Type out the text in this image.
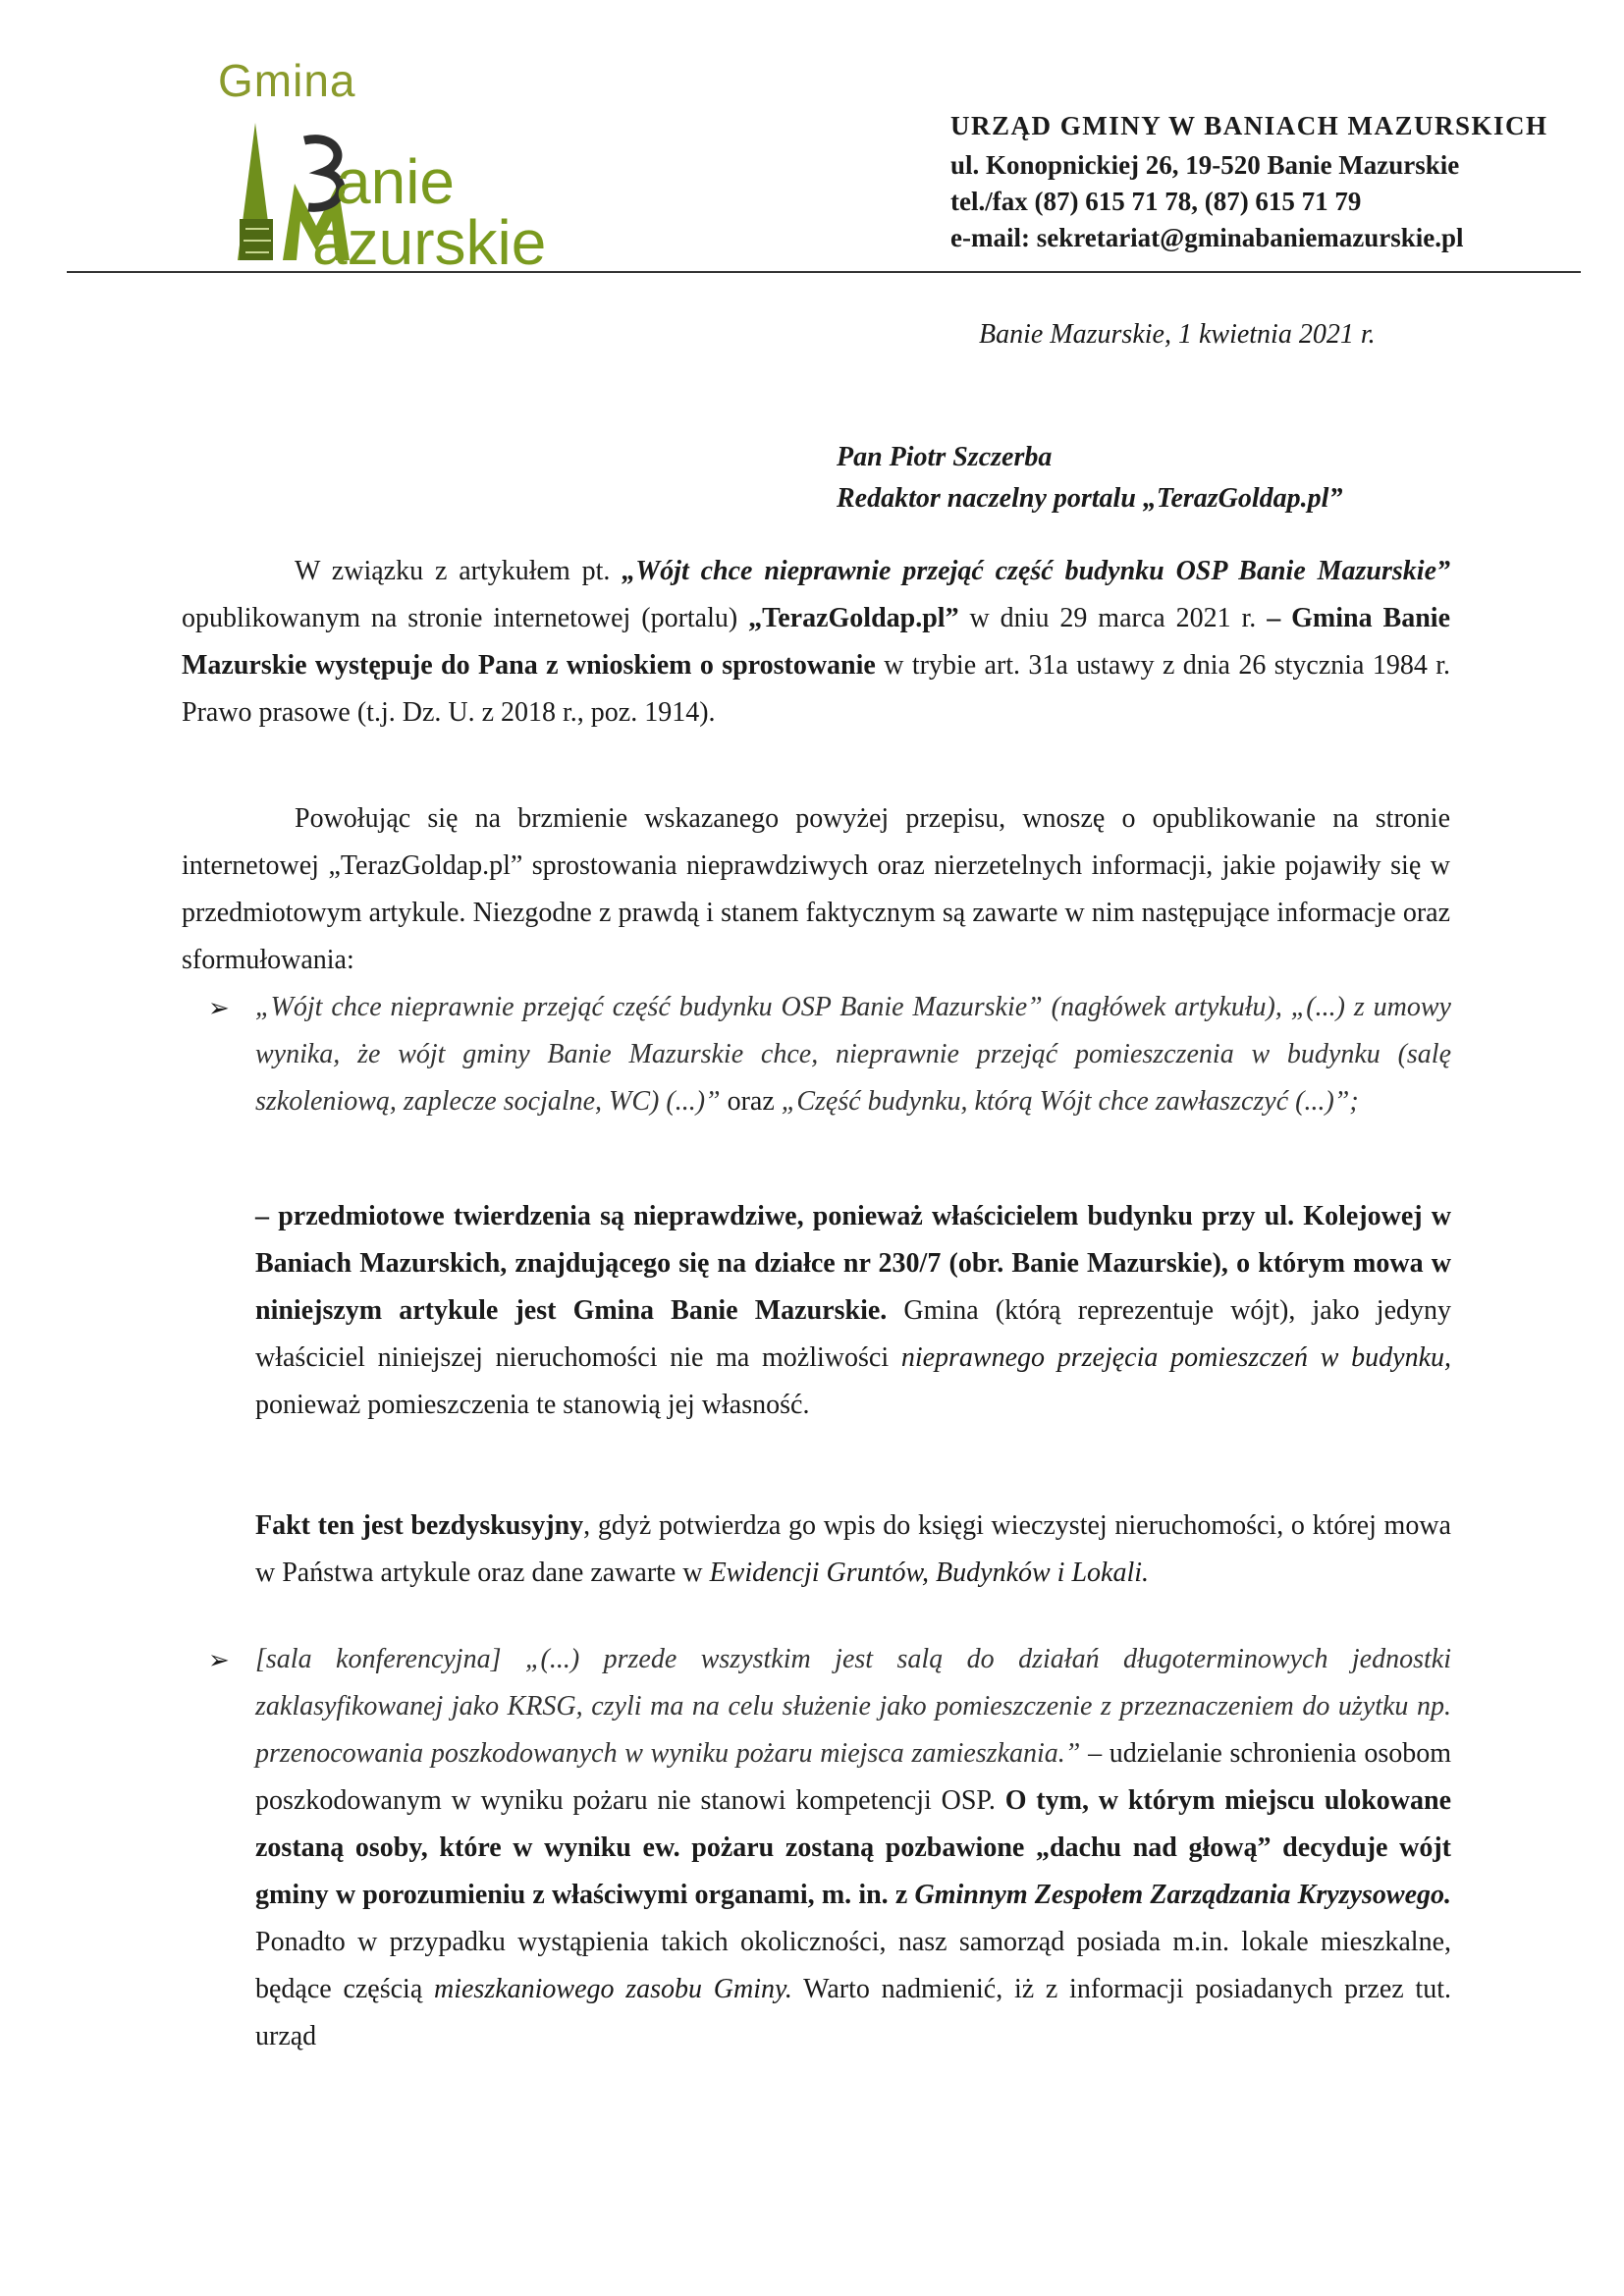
Gmina
anie
azurskie
URZĄD GMINY W BANIACH MAZURSKICH
ul. Konopnickiej 26, 19-520 Banie Mazurskie
tel./fax (87) 615 71 78, (87) 615 71 79
e-mail: sekretariat@gminabaniemazurskie.pl
Banie Mazurskie, 1 kwietnia 2021 r.
Pan Piotr Szczerba
Redaktor naczelny portalu „TerazGoldap.pl”
W związku z artykułem pt. „Wójt chce nieprawnie przejąć część budynku OSP Banie Mazurskie” opublikowanym na stronie internetowej (portalu) „TerazGoldap.pl” w dniu 29 marca 2021 r. – Gmina Banie Mazurskie występuje do Pana z wnioskiem o sprostowanie w trybie art. 31a ustawy z dnia 26 stycznia 1984 r. Prawo prasowe (t.j. Dz. U. z 2018 r., poz. 1914).
Powołując się na brzmienie wskazanego powyżej przepisu, wnoszę o opublikowanie na stronie internetowej „TerazGoldap.pl” sprostowania nieprawdziwych oraz nierzetelnych informacji, jakie pojawiły się w przedmiotowym artykule. Niezgodne z prawdą i stanem faktycznym są zawarte w nim następujące informacje oraz sformułowania:
➢ „Wójt chce nieprawnie przejąć część budynku OSP Banie Mazurskie” (nagłówek artykułu), „(...) z umowy wynika, że wójt gminy Banie Mazurskie chce, nieprawnie przejąć pomieszczenia w budynku (salę szkoleniową, zaplecze socjalne, WC) (...)” oraz „Część budynku, którą Wójt chce zawłaszczyć (...)”;
– przedmiotowe twierdzenia są nieprawdziwe, ponieważ właścicielem budynku przy ul. Kolejowej w Baniach Mazurskich, znajdującego się na działce nr 230/7 (obr. Banie Mazurskie), o którym mowa w niniejszym artykule jest Gmina Banie Mazurskie. Gmina (którą reprezentuje wójt), jako jedyny właściciel niniejszej nieruchomości nie ma możliwości nieprawnego przejęcia pomieszczeń w budynku, ponieważ pomieszczenia te stanowią jej własność.
Fakt ten jest bezdyskusyjny, gdyż potwierdza go wpis do księgi wieczystej nieruchomości, o której mowa w Państwa artykule oraz dane zawarte w Ewidencji Gruntów, Budynków i Lokali.
➢ [sala konferencyjna] „(...) przede wszystkim jest salą do działań długoterminowych jednostki zaklasyfikowanej jako KRSG, czyli ma na celu służenie jako pomieszczenie z przeznaczeniem do użytku np. przenocowania poszkodowanych w wyniku pożaru miejsca zamieszkania.” – udzielanie schronienia osobom poszkodowanym w wyniku pożaru nie stanowi kompetencji OSP. O tym, w którym miejscu ulokowane zostaną osoby, które w wyniku ew. pożaru zostaną pozbawione „dachu nad głową” decyduje wójt gminy w porozumieniu z właściwymi organami, m. in. z Gminnym Zespołem Zarządzania Kryzysowego. Ponadto w przypadku wystąpienia takich okoliczności, nasz samorząd posiada m.in. lokale mieszkalne, będące częścią mieszkaniowego zasobu Gminy. Warto nadmienić, iż z informacji posiadanych przez tut. urząd
